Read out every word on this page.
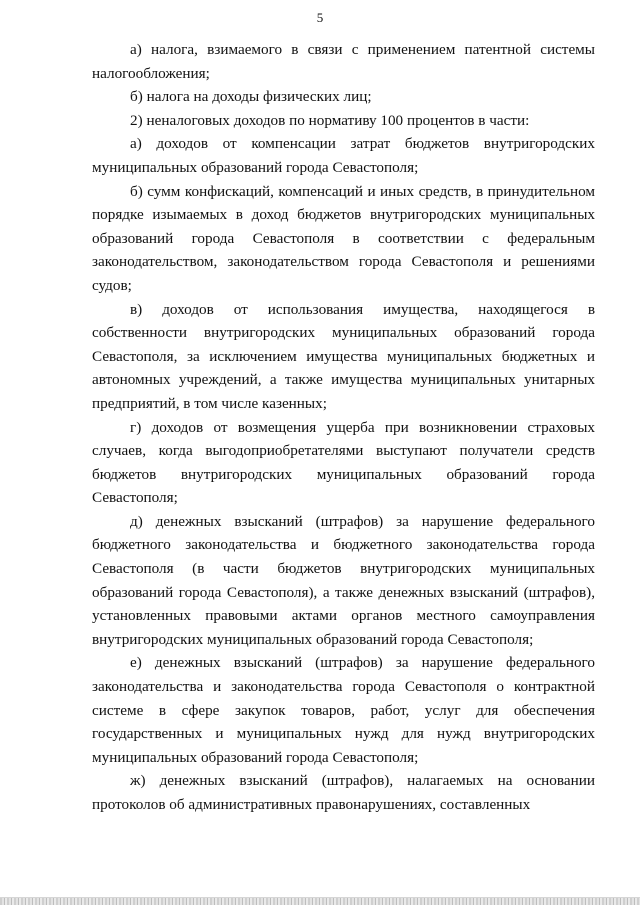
5

а) налога, взимаемого в связи с применением патентной системы налогообложения;

б) налога на доходы физических лиц;

2) неналоговых доходов по нормативу 100 процентов в части:

а) доходов от компенсации затрат бюджетов внутригородских муниципальных образований города Севастополя;

б) сумм конфискаций, компенсаций и иных средств, в принудительном порядке изымаемых в доход бюджетов внутригородских муниципальных образований города Севастополя в соответствии с федеральным законодательством, законодательством города Севастополя и решениями судов;

в) доходов от использования имущества, находящегося в собственности внутригородских муниципальных образований города Севастополя, за исключением имущества муниципальных бюджетных и автономных учреждений, а также имущества муниципальных унитарных предприятий, в том числе казенных;

г) доходов от возмещения ущерба при возникновении страховых случаев, когда выгодоприобретателями выступают получатели средств бюджетов внутригородских муниципальных образований города Севастополя;

д) денежных взысканий (штрафов) за нарушение федерального бюджетного законодательства и бюджетного законодательства города Севастополя (в части бюджетов внутригородских муниципальных образований города Севастополя), а также денежных взысканий (штрафов), установленных правовыми актами органов местного самоуправления внутригородских муниципальных образований города Севастополя;

е) денежных взысканий (штрафов) за нарушение федерального законодательства и законодательства города Севастополя о контрактной системе в сфере закупок товаров, работ, услуг для обеспечения государственных и муниципальных нужд для нужд внутригородских муниципальных образований города Севастополя;

ж) денежных взысканий (штрафов), налагаемых на основании протоколов об административных правонарушениях, составленных
